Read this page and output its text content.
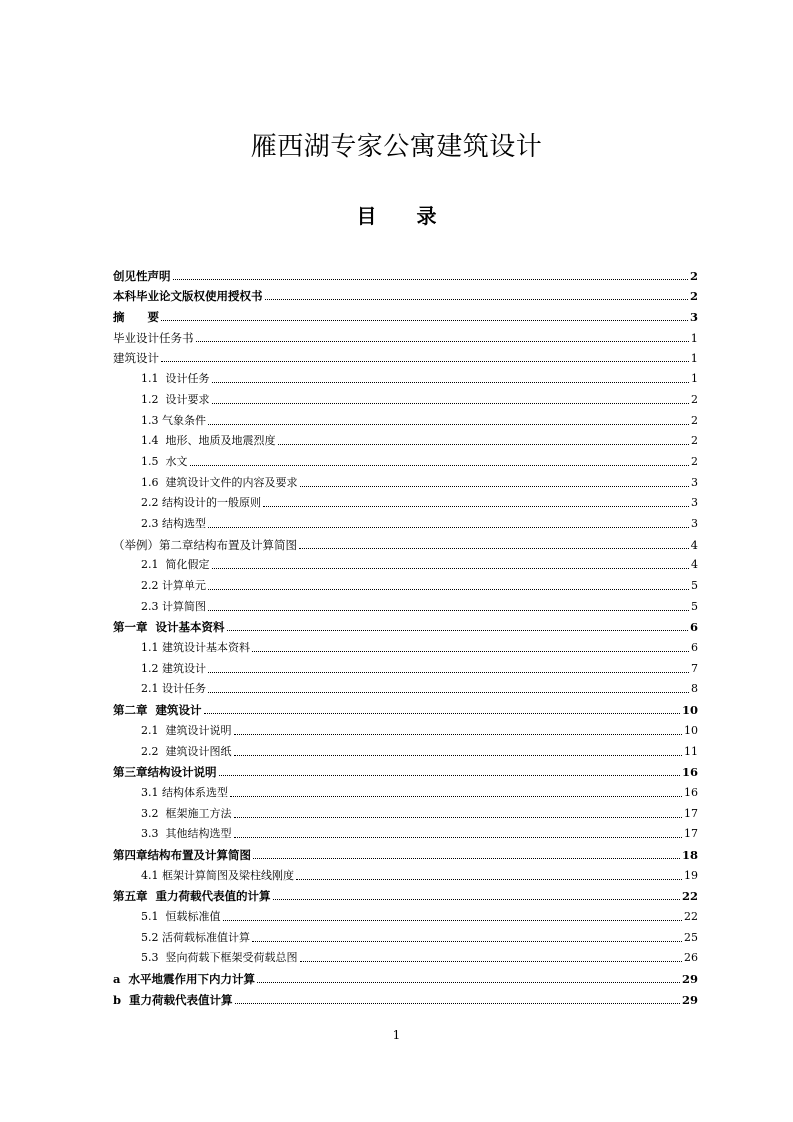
雁西湖专家公寓建筑设计
目　　录
创见性声明	2
本科毕业论文版权使用授权书	2
摘　　要	3
毕业设计任务书	1
建筑设计	1
1.1  设计任务	1
1.2  设计要求	2
1.3 气象条件	2
1.4  地形、地质及地震烈度	2
1.5  水文	2
1.6  建筑设计文件的内容及要求	3
2.2 结构设计的一般原则	3
2.3 结构选型	3
（举例）第二章结构布置及计算简图	4
2.1  简化假定	4
2.2 计算单元	5
2.3 计算简图	5
第一章  设计基本资料	6
1.1 建筑设计基本资料	6
1.2 建筑设计	7
2.1 设计任务	8
第二章  建筑设计	10
2.1  建筑设计说明	10
2.2  建筑设计图纸	11
第三章结构设计说明	16
3.1 结构体系选型	16
3.2  框架施工方法	17
3.3  其他结构选型	17
第四章结构布置及计算简图	18
4.1 框架计算简图及梁柱线刚度	19
第五章  重力荷载代表值的计算	22
5.1  恒载标准值	22
5.2 活荷载标准值计算	25
5.3  竖向荷载下框架受荷载总图	26
a  水平地震作用下内力计算	29
b  重力荷载代表值计算	29
1
